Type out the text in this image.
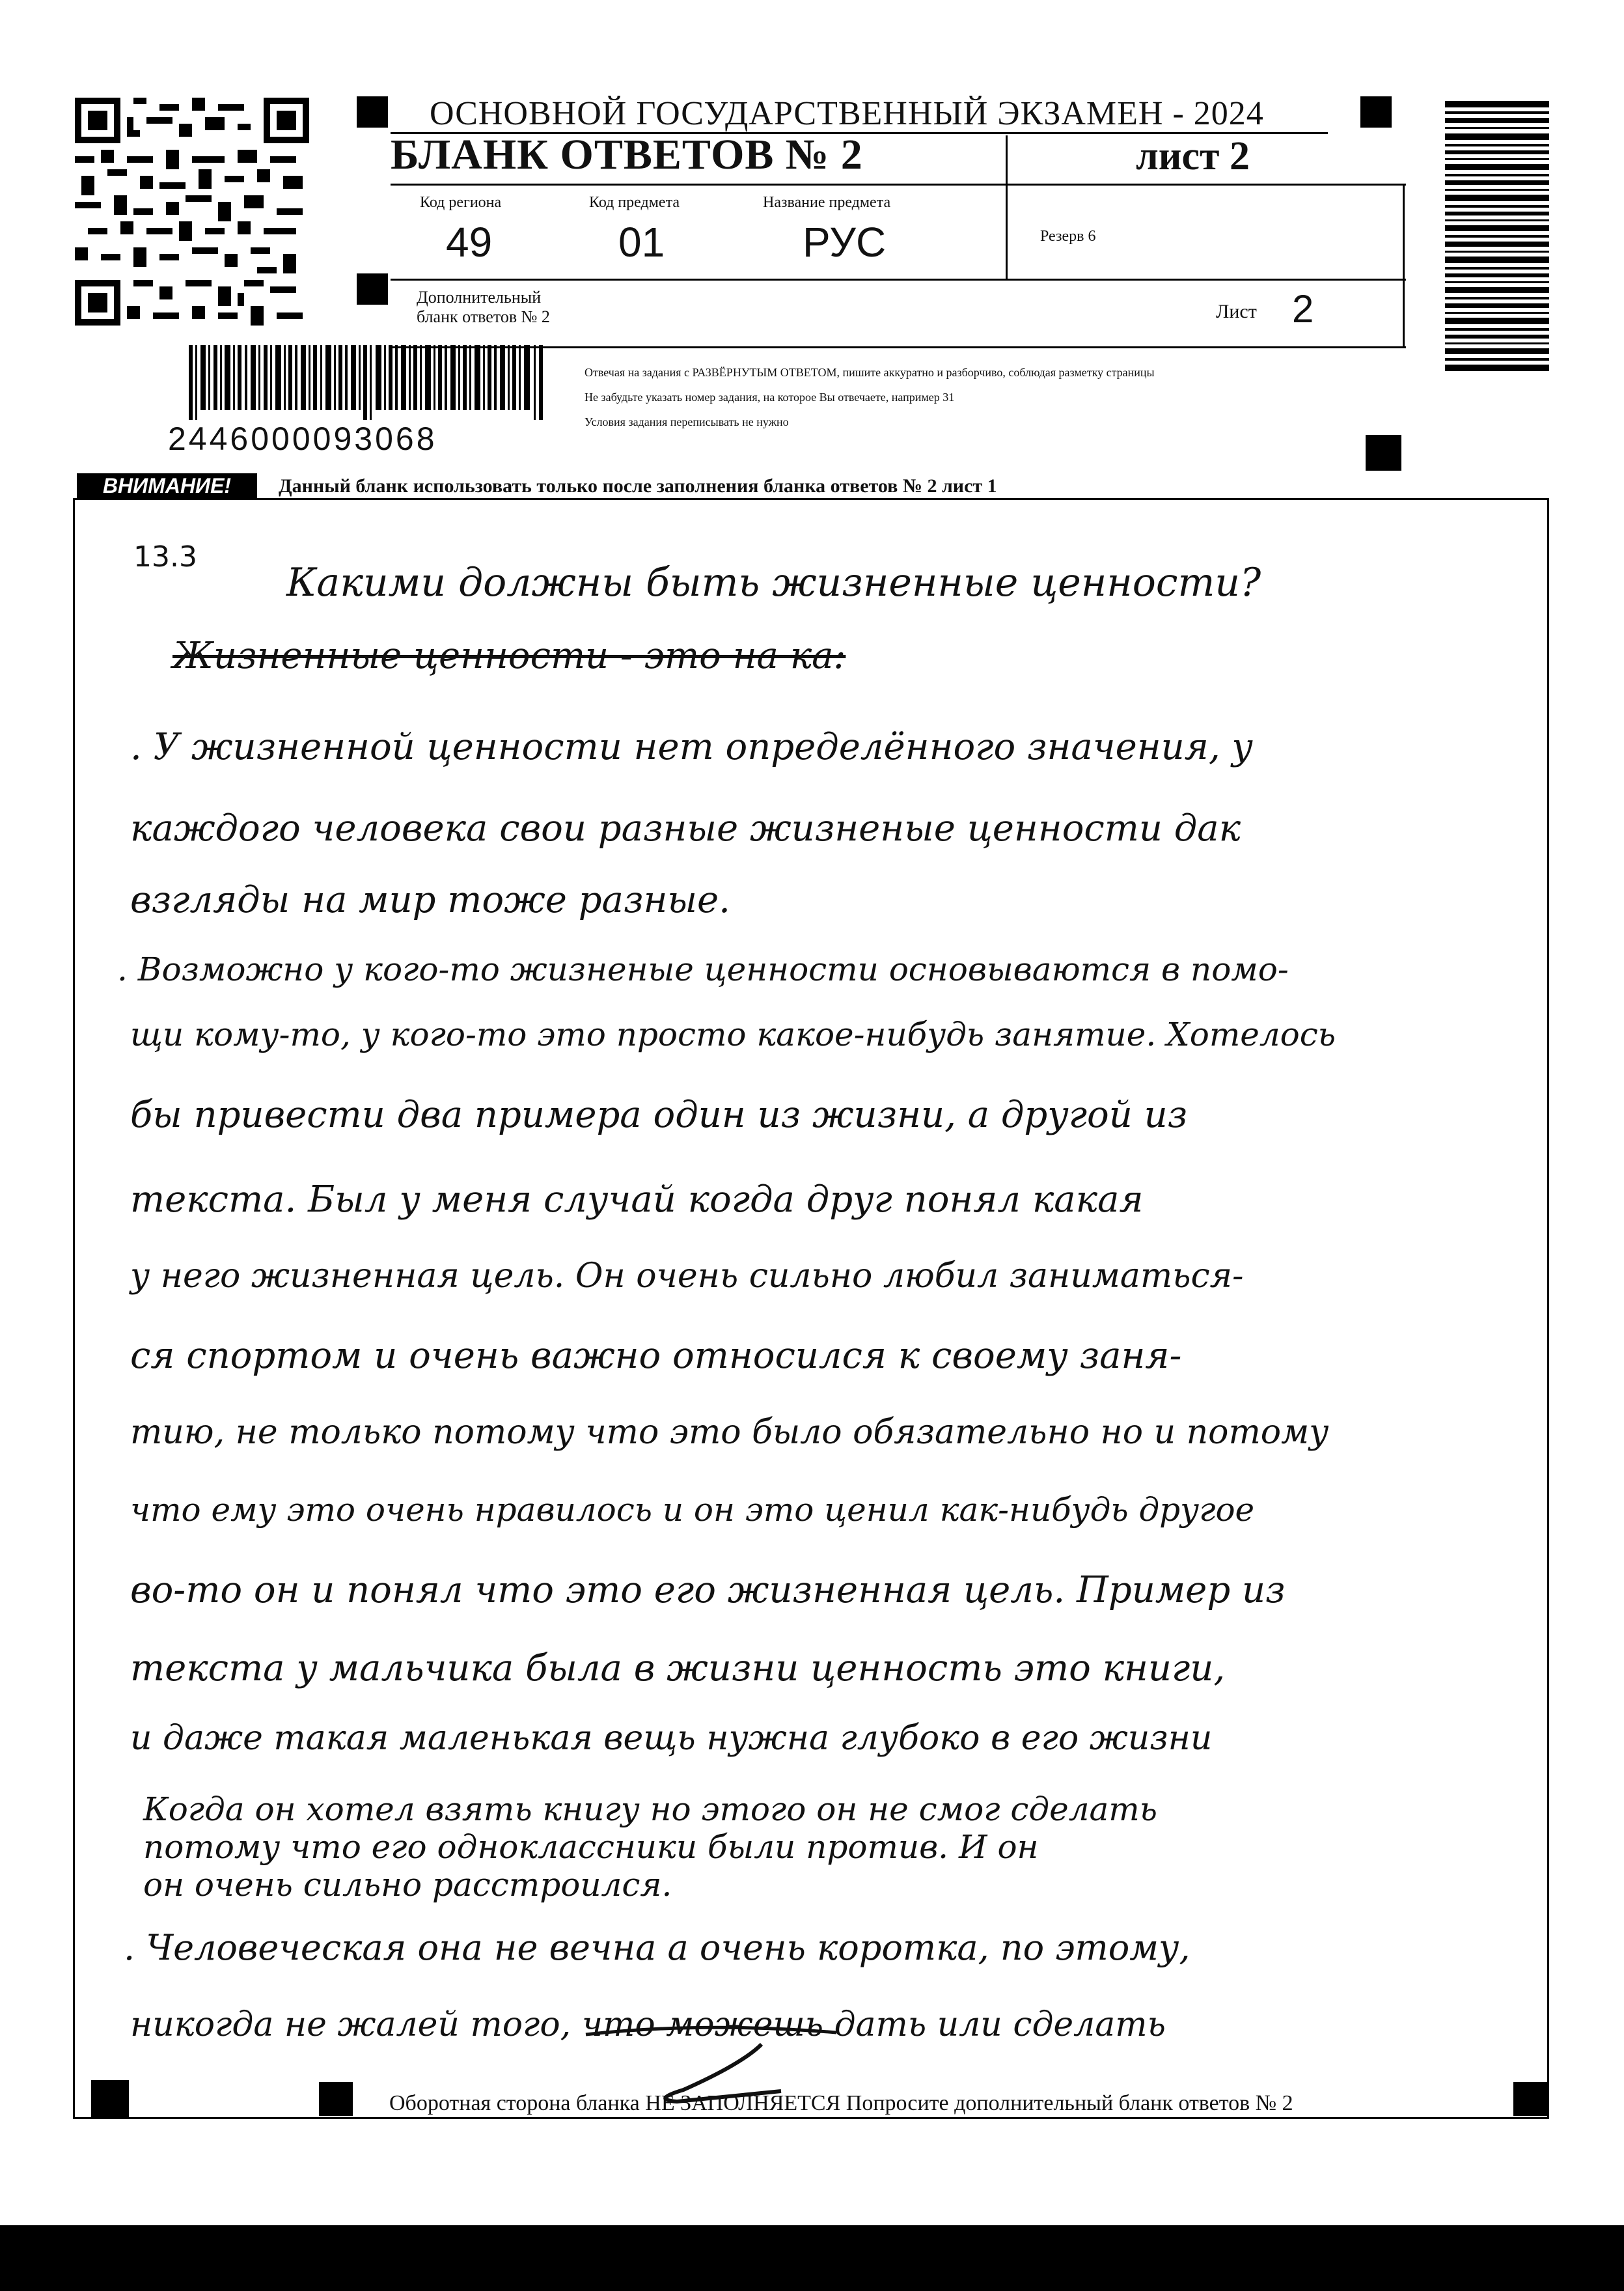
2446000093068
ОСНОВНОЙ ГОСУДАРСТВЕННЫЙ ЭКЗАМЕН - 2024
БЛАНК ОТВЕТОВ № 2	лист 2
Код региона
49
Код предмета
01
Название предмета
РУС	Резерв 6
Дополнительный
бланк ответов № 2	Лист 2
Отвечая на задания с РАЗВЁРНУТЫМ ОТВЕТОМ, пишите аккуратно и разборчиво, соблюдая разметку страницы
Не забудьте указать номер задания, на которое Вы отвечаете, например 31
Условия задания переписывать не нужно
ВНИМАНИЕ!	Данный бланк использовать только после заполнения бланка ответов № 2 лист 1
13.3
Какими должны быть жизненные ценности?
Жизненные ценности - это на ка:
. У жизненной ценности нет определённого значения, у
каждого человека свои разные жизненые ценности дак
взгляды на мир тоже разные.
. Возможно у кого-то жизненые ценности основываются в помо-
щи кому-то, у кого-то это просто какое-нибудь занятие. Хотелось
бы привести два примера один из жизни, а другой из
текста. Был у меня случай когда друг понял какая
у него жизненная цель. Он очень сильно любил заниматься-
ся спортом и очень важно относился к своему заня-
тию, не только потому что это было обязательно но и потому
что ему это очень нравилось и он это ценил как-нибудь другое
во-то он и понял что это его жизненная цель. Пример из
текста у мальчика была в жизни ценность это книги,
и даже такая маленькая вещь нужна глубоко в его жизни
Когда он хотел взять книгу но этого он не смог сделать
потому что его одноклассники были против. И он
он очень сильно расстроился.
. Человеческая она не вечна а очень коротка, по этому,
никогда не жалей того, что можешь дать или сделать
Оборотная сторона бланка НЕ ЗАПОЛНЯЕТСЯ Попросите дополнительный бланк ответов № 2
